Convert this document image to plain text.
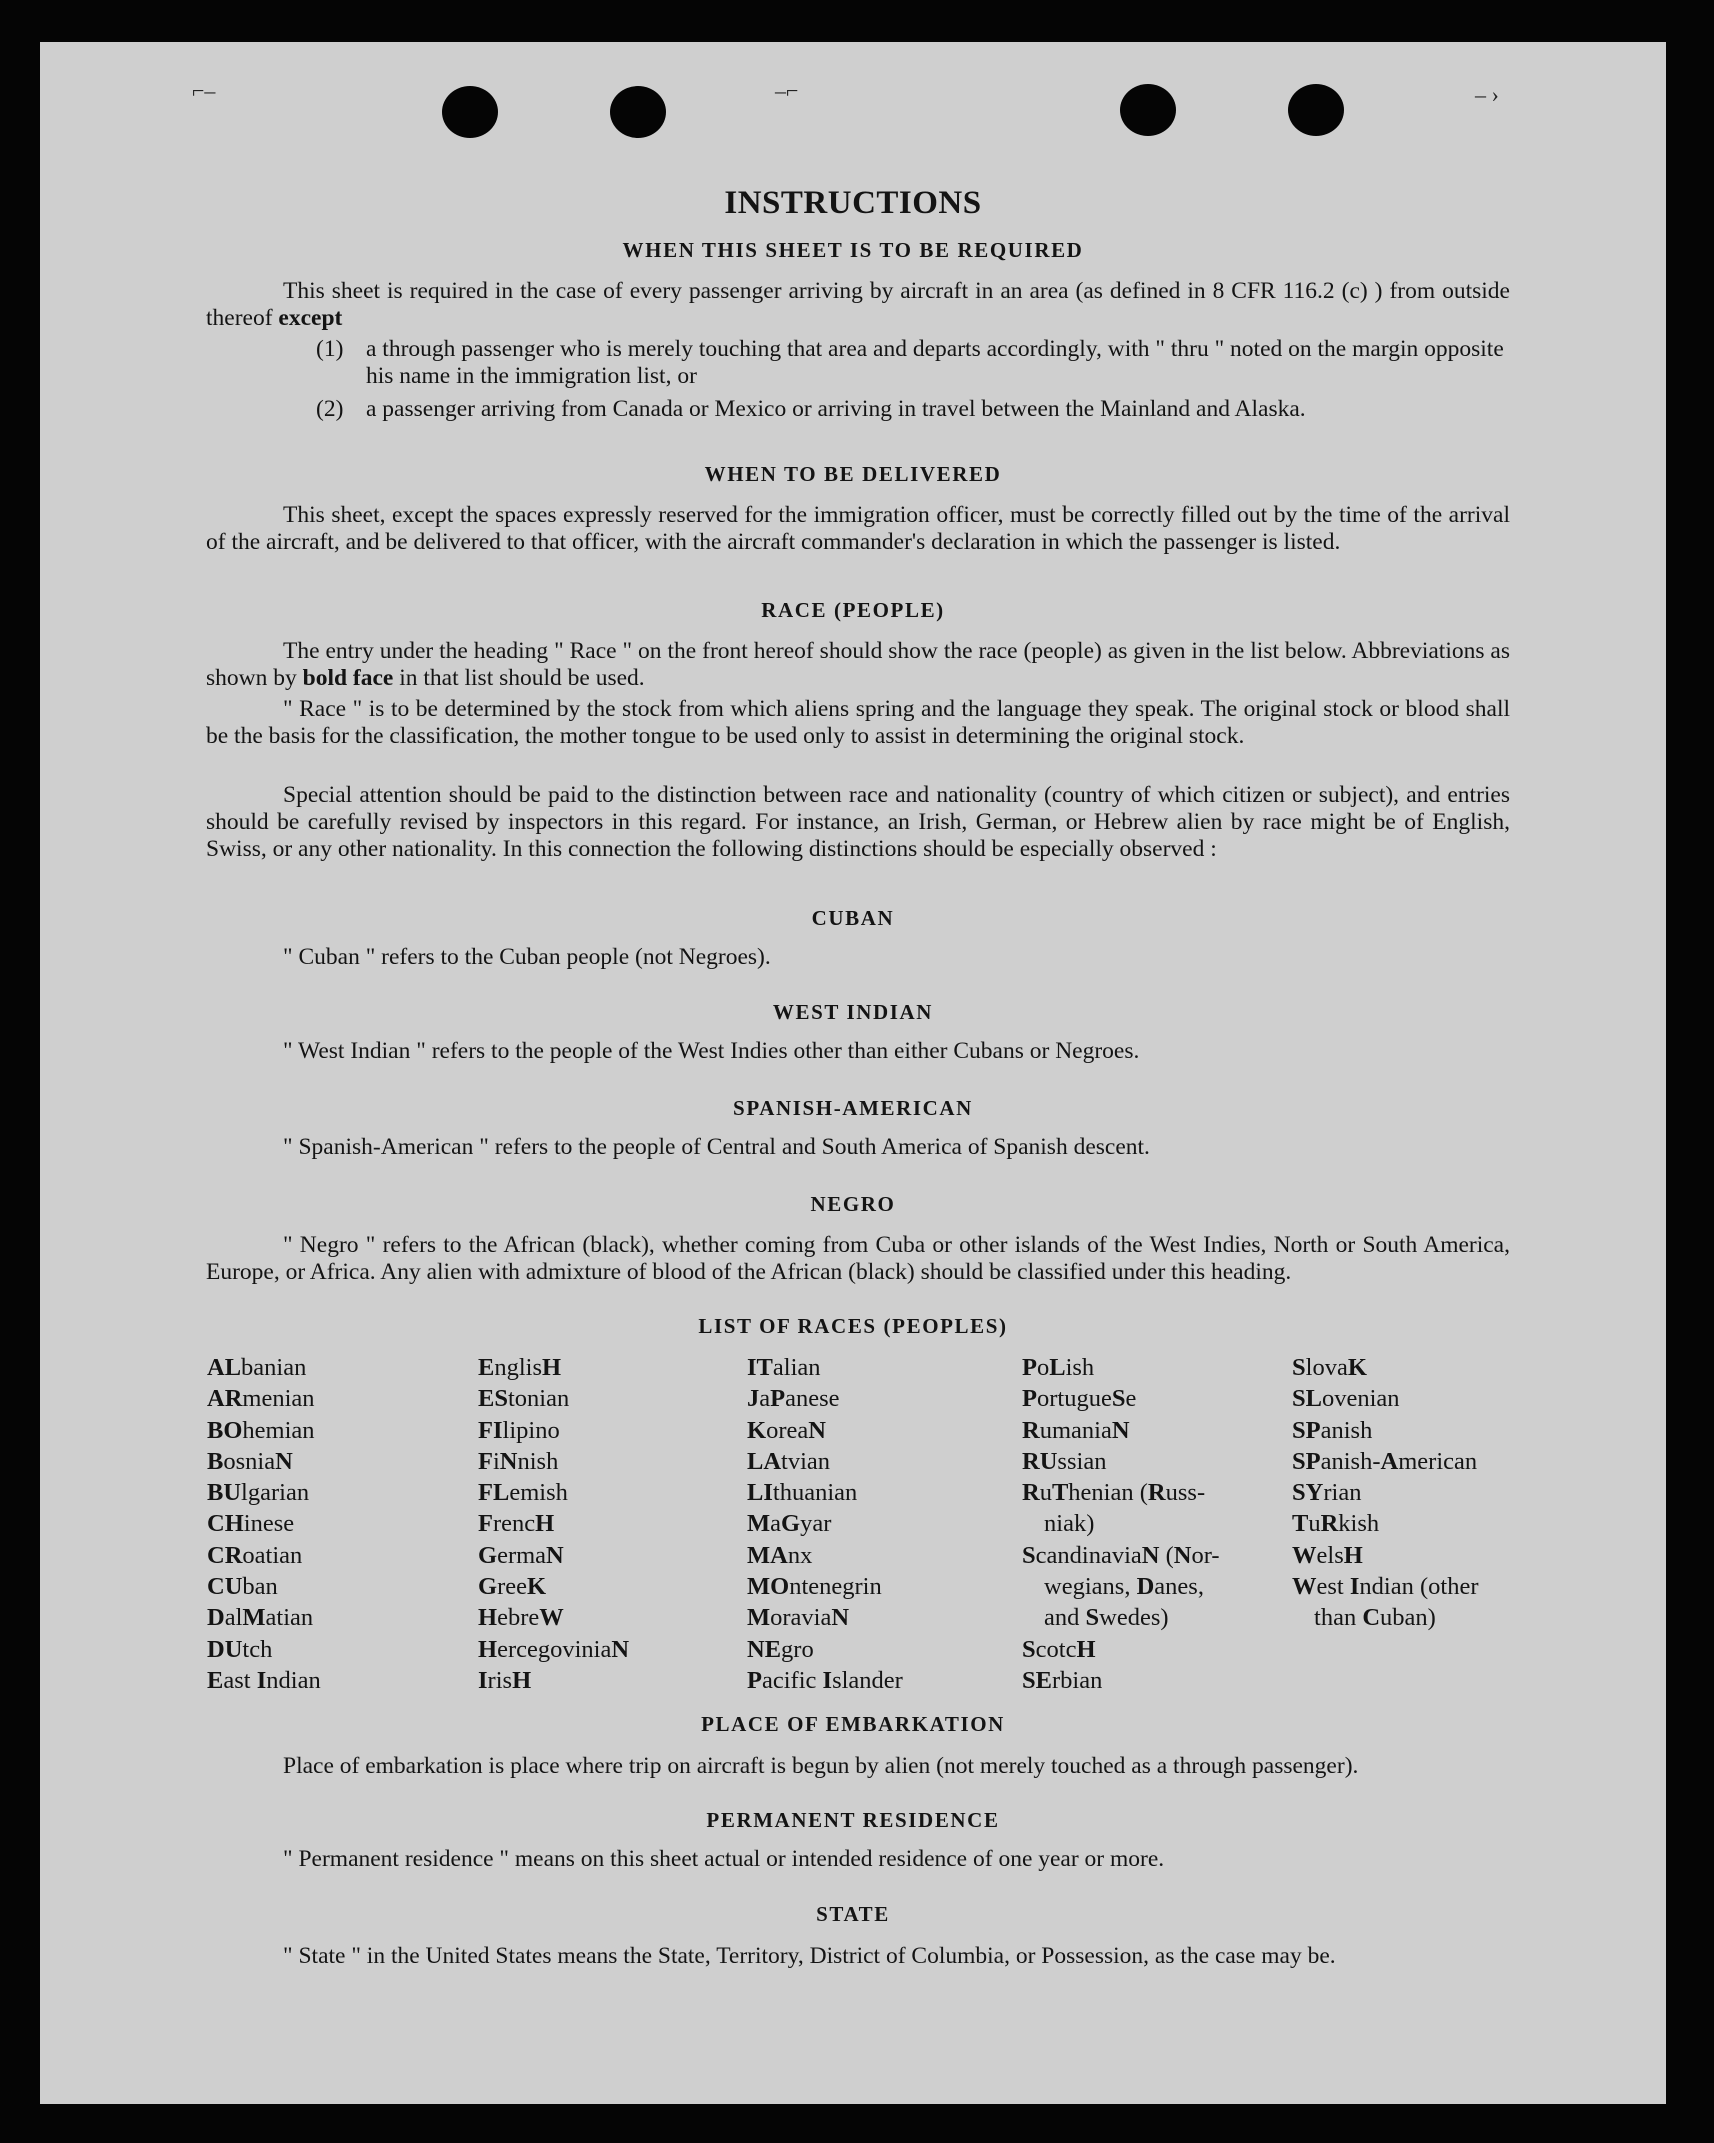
⌐‒	‒⌐	‒ ›
INSTRUCTIONS
WHEN THIS SHEET IS TO BE REQUIRED
This sheet is required in the case of every passenger arriving by aircraft in an area (as defined in 8 CFR 116.2 (c) ) from outside thereof except
(1) a through passenger who is merely touching that area and departs accordingly, with " thru " noted on the margin opposite his name in the immigration list, or
(2) a passenger arriving from Canada or Mexico or arriving in travel between the Mainland and Alaska.
WHEN TO BE DELIVERED
This sheet, except the spaces expressly reserved for the immigration officer, must be correctly filled out by the time of the arrival of the aircraft, and be delivered to that officer, with the aircraft commander's declaration in which the passenger is listed.
RACE (PEOPLE)
The entry under the heading " Race " on the front hereof should show the race (people) as given in the list below. Abbreviations as shown by bold face in that list should be used.
" Race " is to be determined by the stock from which aliens spring and the language they speak. The original stock or blood shall be the basis for the classification, the mother tongue to be used only to assist in determining the original stock.
Special attention should be paid to the distinction between race and nationality (country of which citizen or subject), and entries should be carefully revised by inspectors in this regard. For instance, an Irish, German, or Hebrew alien by race might be of English, Swiss, or any other nationality. In this connection the following distinctions should be especially observed :
CUBAN
" Cuban " refers to the Cuban people (not Negroes).
WEST INDIAN
" West Indian " refers to the people of the West Indies other than either Cubans or Negroes.
SPANISH-AMERICAN
" Spanish-American " refers to the people of Central and South America of Spanish descent.
NEGRO
" Negro " refers to the African (black), whether coming from Cuba or other islands of the West Indies, North or South America, Europe, or Africa. Any alien with admixture of blood of the African (black) should be classified under this heading.
LIST OF RACES (PEOPLES)
ALbanian
ARmenian
BOhemian
BosniaN
BUlgarian
CHinese
CRoatian
CUban
DalMatian
DUtch
East Indian
EnglisH
EStonian
FIlipino
FiNnish
FLemish
FrencH
GermaN
GreeK
HebreW
HercegoviniaN
IrisH
ITalian
JaPanese
KoreaN
LAtvian
LIthuanian
MaGyar
MAnx
MOntenegrin
MoraviaN
NEgro
Pacific Islander
PoLish
PortugueSe
RumaniaN
RUssian
RuThenian (Russ-
niak)
ScandinaviaN (Nor-
wegians, Danes,
and Swedes)
ScotcH
SErbian
SlovaK
SLovenian
SPanish
SPanish-American
SYrian
TuRkish
WelsH
West Indian (other
than Cuban)
PLACE OF EMBARKATION
Place of embarkation is place where trip on aircraft is begun by alien (not merely touched as a through passenger).
PERMANENT RESIDENCE
" Permanent residence " means on this sheet actual or intended residence of one year or more.
STATE
" State " in the United States means the State, Territory, District of Columbia, or Possession, as the case may be.
